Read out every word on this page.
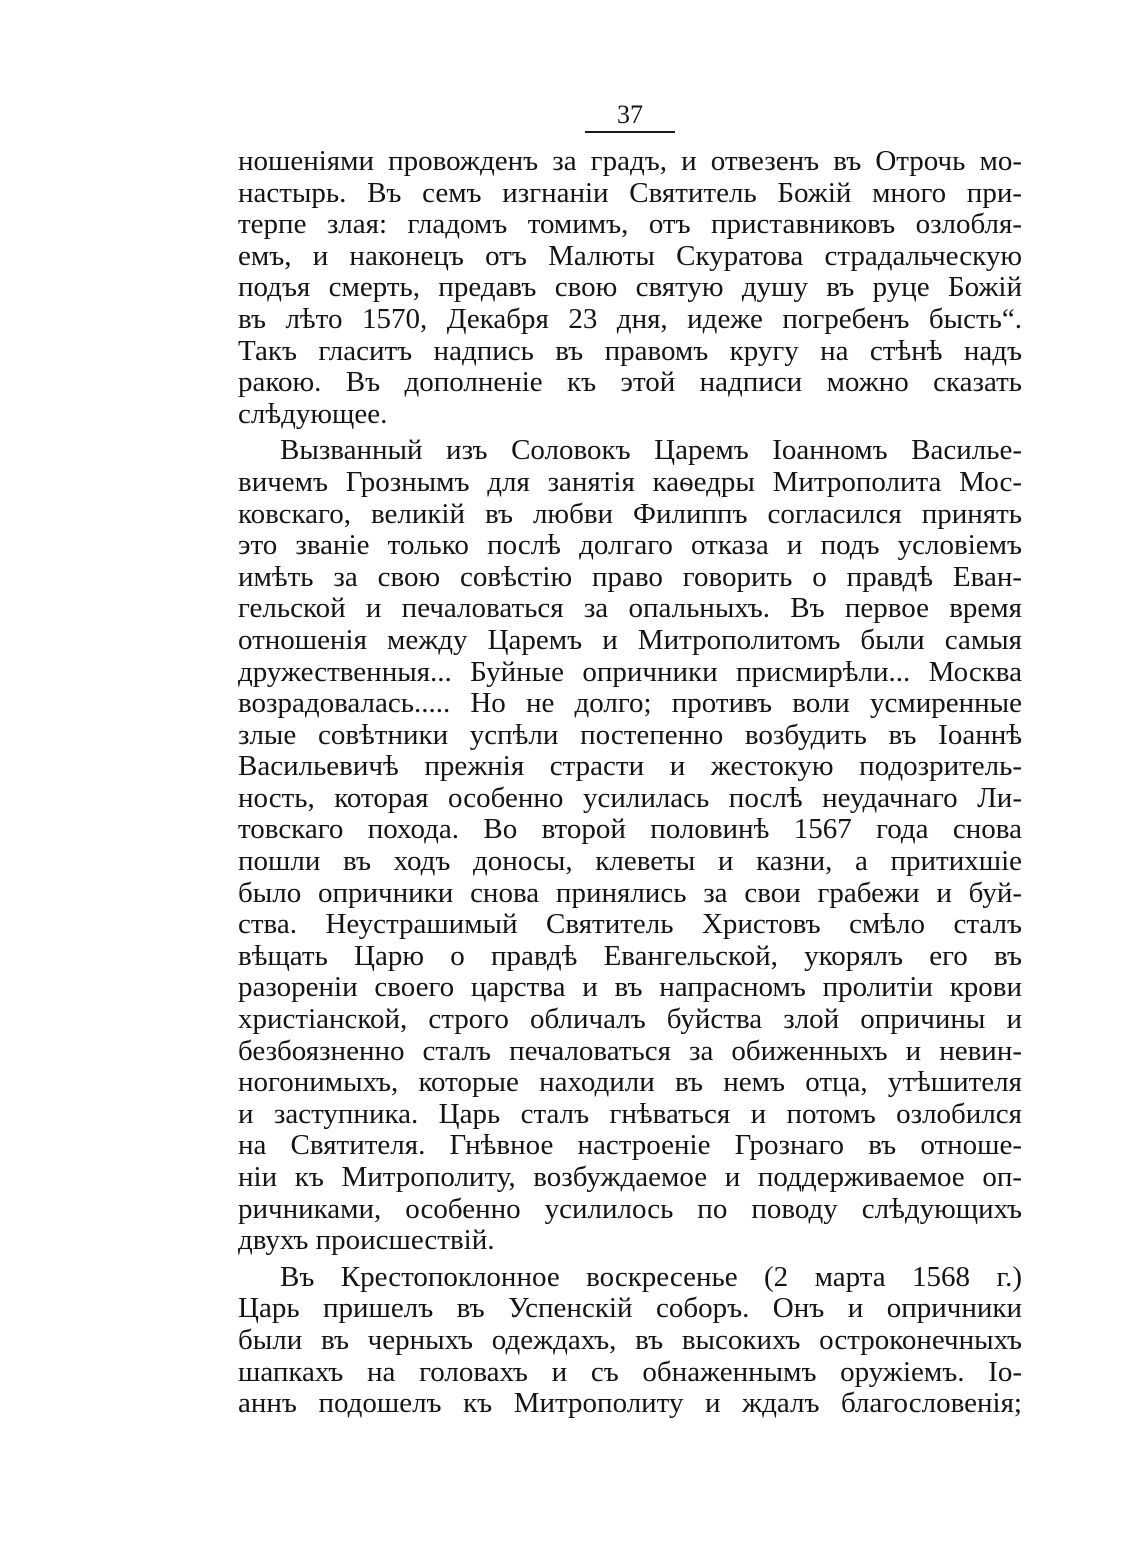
37
ношеніями провожденъ за градъ, и отвезенъ въ Отрочь мо-
настырь. Въ семъ изгнаніи Святитель Божій много при-
терпе злая: гладомъ томимъ, отъ приставниковъ озлобля-
емъ, и наконецъ отъ Малюты Скуратова страдальческую
подъя смерть, предавъ свою святую душу въ руце Божій
въ лѣто 1570, Декабря 23 дня, идеже погребенъ бысть“.
Такъ гласитъ надпись въ правомъ кругу на стѣнѣ надъ
ракою. Въ дополненіе къ этой надписи можно сказать
слѣдующее.
Вызванный изъ Соловокъ Царемъ Іоанномъ Василье-
вичемъ Грознымъ для занятія каѳедры Митрополита Мос-
ковскаго, великій въ любви Филиппъ согласился принять
это званіе только послѣ долгаго отказа и подъ условіемъ
имѣть за свою совѣстію право говорить о правдѣ Еван-
гельской и печаловаться за опальныхъ. Въ первое время
отношенія между Царемъ и Митрополитомъ были самыя
дружественныя... Буйные опричники присмирѣли... Москва
возрадовалась..... Но не долго; противъ воли усмиренные
злые совѣтники успѣли постепенно возбудить въ Іоаннѣ
Васильевичѣ прежнія страсти и жестокую подозритель-
ность, которая особенно усилилась послѣ неудачнаго Ли-
товскаго похода. Во второй половинѣ 1567 года снова
пошли въ ходъ доносы, клеветы и казни, а притихшіе
было опричники снова принялись за свои грабежи и буй-
ства. Неустрашимый Святитель Христовъ смѣло сталъ
вѣщать Царю о правдѣ Евангельской, укорялъ его въ
разореніи своего царства и въ напрасномъ пролитіи крови
христіанской, строго обличалъ буйства злой опричины и
безбоязненно сталъ печаловаться за обиженныхъ и невин-
ногонимыхъ, которые находили въ немъ отца, утѣшителя
и заступника. Царь сталъ гнѣваться и потомъ озлобился
на Святителя. Гнѣвное настроеніе Грознаго въ отноше-
ніи къ Митрополиту, возбуждаемое и поддерживаемое оп-
ричниками, особенно усилилось по поводу слѣдующихъ
двухъ происшествій.
Въ Крестопоклонное воскресенье (2 марта 1568 г.)
Царь пришелъ въ Успенскій соборъ. Онъ и опричники
были въ черныхъ одеждахъ, въ высокихъ остроконечныхъ
шапкахъ на головахъ и съ обнаженнымъ оружіемъ. Іо-
аннъ подошелъ къ Митрополиту и ждалъ благословенія;
